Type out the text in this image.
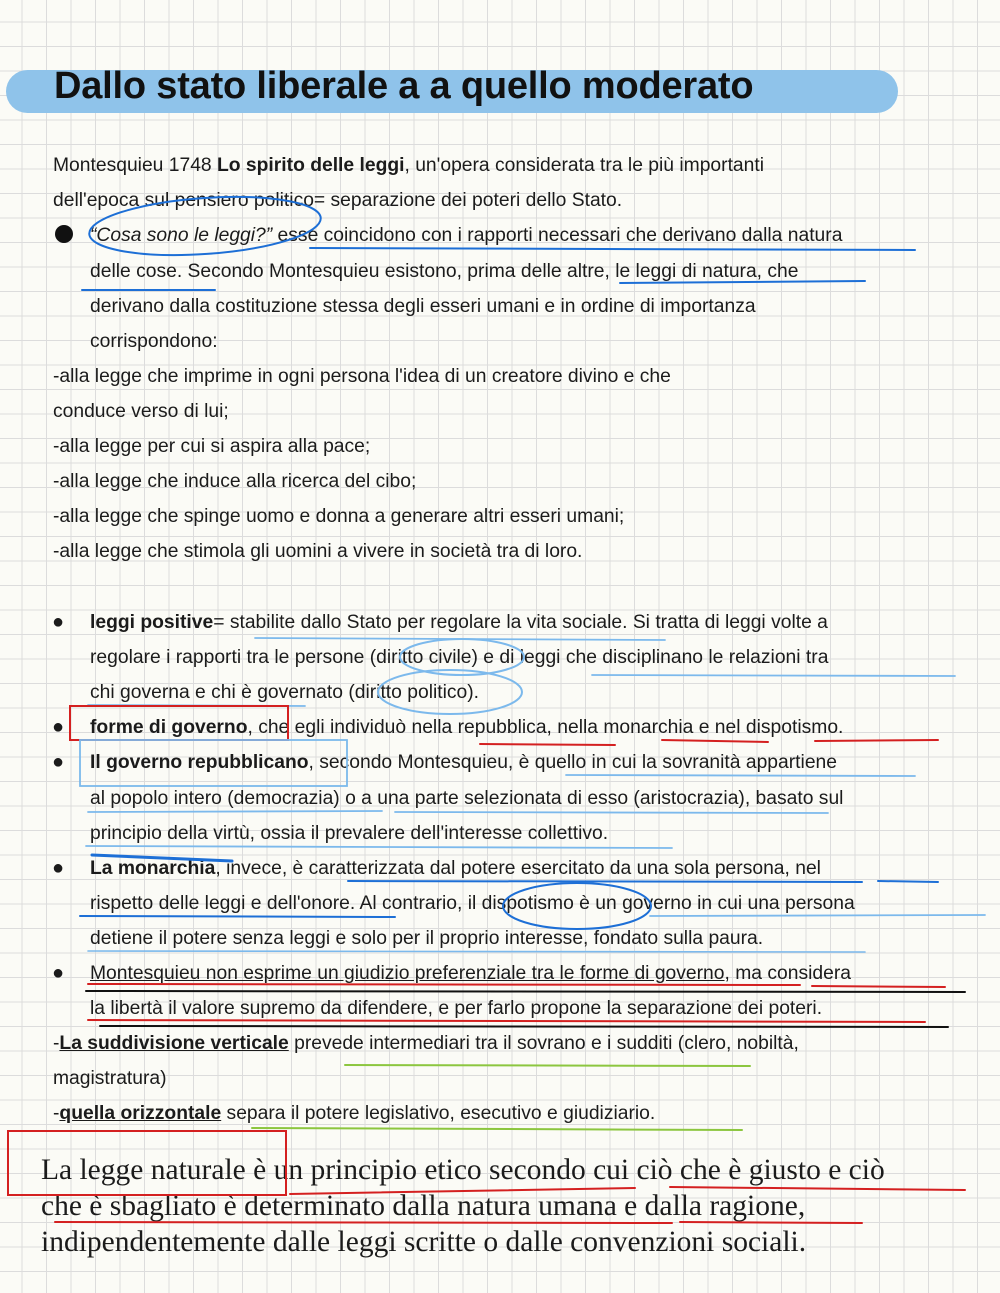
Dallo stato liberale a a quello moderato
Montesquieu 1748 Lo spirito delle leggi, un'opera considerata tra le più importanti
dell'epoca sul pensiero politico= separazione dei poteri dello Stato.
“Cosa sono le leggi?” esse coincidono con i rapporti necessari che derivano dalla natura
delle cose. Secondo Montesquieu esistono, prima delle altre, le leggi di natura, che
derivano dalla costituzione stessa degli esseri umani e in ordine di importanza
corrispondono:
-alla legge che imprime in ogni persona l'idea di un creatore divino e che
conduce verso di lui;
-alla legge per cui si aspira alla pace;
-alla legge che induce alla ricerca del cibo;
-alla legge che spinge uomo e donna a generare altri esseri umani;
-alla legge che stimola gli uomini a vivere in società tra di loro.
● leggi positive= stabilite dallo Stato per regolare la vita sociale. Si tratta di leggi volte a
regolare i rapporti tra le persone (diritto civile) e di leggi che disciplinano le relazioni tra
chi governa e chi è governato (diritto politico).
● forme di governo, che egli individuò nella repubblica, nella monarchia e nel dispotismo.
● Il governo repubblicano, secondo Montesquieu, è quello in cui la sovranità appartiene
al popolo intero (democrazia) o a una parte selezionata di esso (aristocrazia), basato sul
principio della virtù, ossia il prevalere dell'interesse collettivo.
● La monarchia, invece, è caratterizzata dal potere esercitato da una sola persona, nel
rispetto delle leggi e dell'onore. Al contrario, il dispotismo è un governo in cui una persona
detiene il potere senza leggi e solo per il proprio interesse, fondato sulla paura.
● Montesquieu non esprime un giudizio preferenziale tra le forme di governo, ma considera
la libertà il valore supremo da difendere, e per farlo propone la separazione dei poteri.
-La suddivisione verticale prevede intermediari tra il sovrano e i sudditi (clero, nobiltà,
magistratura)
-quella orizzontale separa il potere legislativo, esecutivo e giudiziario.
La legge naturale è un principio etico secondo cui ciò che è giusto e ciò
che è sbagliato è determinato dalla natura umana e dalla ragione,
indipendentemente dalle leggi scritte o dalle convenzioni sociali.
